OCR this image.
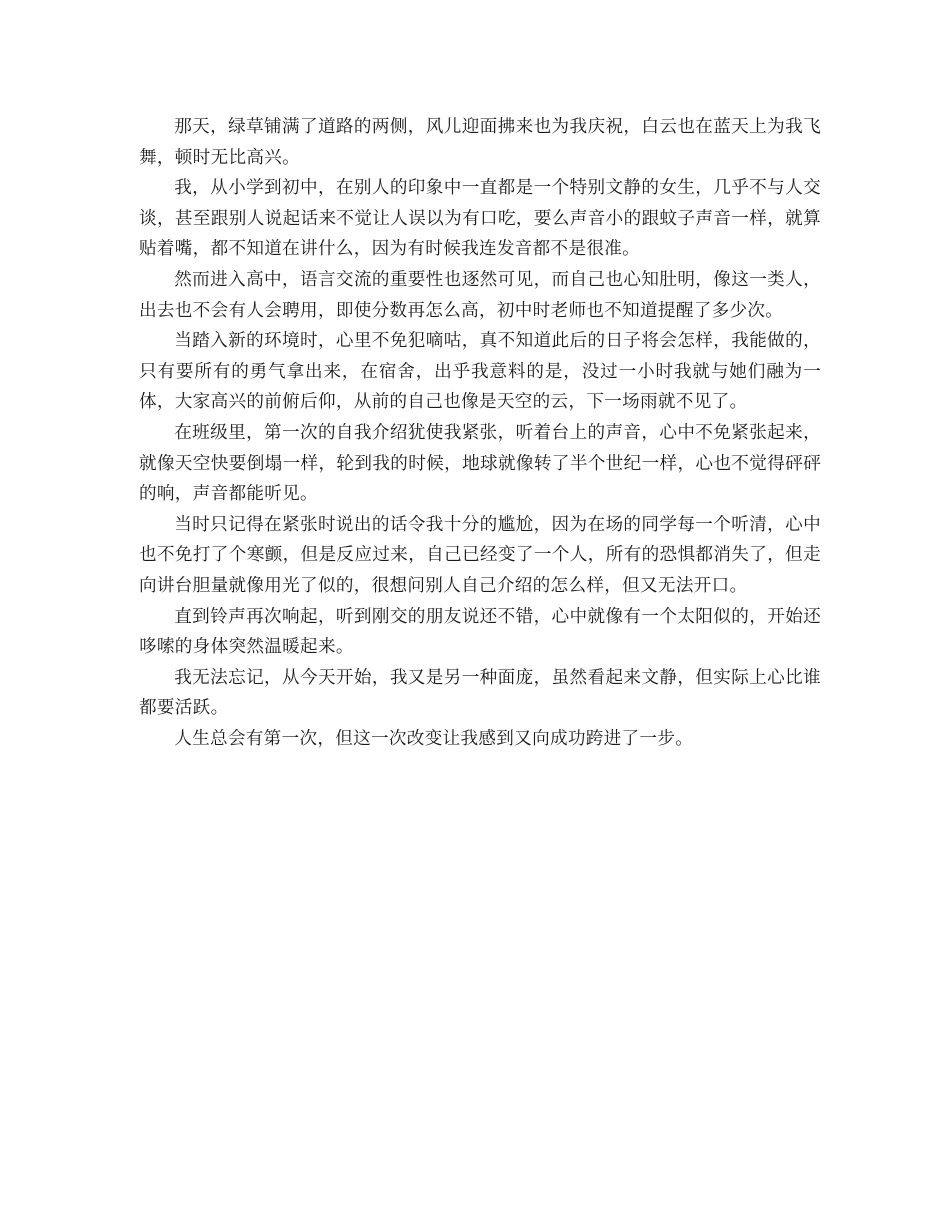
那天，绿草铺满了道路的两侧，风儿迎面拂来也为我庆祝，白云也在蓝天上为我飞舞，顿时无比高兴。

我，从小学到初中，在别人的印象中一直都是一个特别文静的女生，几乎不与人交谈，甚至跟别人说起话来不觉让人误以为有口吃，要么声音小的跟蚊子声音一样，就算贴着嘴，都不知道在讲什么，因为有时候我连发音都不是很准。

然而进入高中，语言交流的重要性也逐然可见，而自己也心知肚明，像这一类人，出去也不会有人会聘用，即使分数再怎么高，初中时老师也不知道提醒了多少次。

当踏入新的环境时，心里不免犯嘀咕，真不知道此后的日子将会怎样，我能做的，只有要所有的勇气拿出来，在宿舍，出乎我意料的是，没过一小时我就与她们融为一体，大家高兴的前俯后仰，从前的自己也像是天空的云，下一场雨就不见了。

在班级里，第一次的自我介绍犹使我紧张，听着台上的声音，心中不免紧张起来，就像天空快要倒塌一样，轮到我的时候，地球就像转了半个世纪一样，心也不觉得砰砰的响，声音都能听见。

当时只记得在紧张时说出的话令我十分的尴尬，因为在场的同学每一个听清，心中也不免打了个寒颤，但是反应过来，自己已经变了一个人，所有的恐惧都消失了，但走向讲台胆量就像用光了似的，很想问别人自己介绍的怎么样，但又无法开口。

直到铃声再次响起，听到刚交的朋友说还不错，心中就像有一个太阳似的，开始还哆嗦的身体突然温暖起来。

我无法忘记，从今天开始，我又是另一种面庞，虽然看起来文静，但实际上心比谁都要活跃。

人生总会有第一次，但这一次改变让我感到又向成功跨进了一步。
